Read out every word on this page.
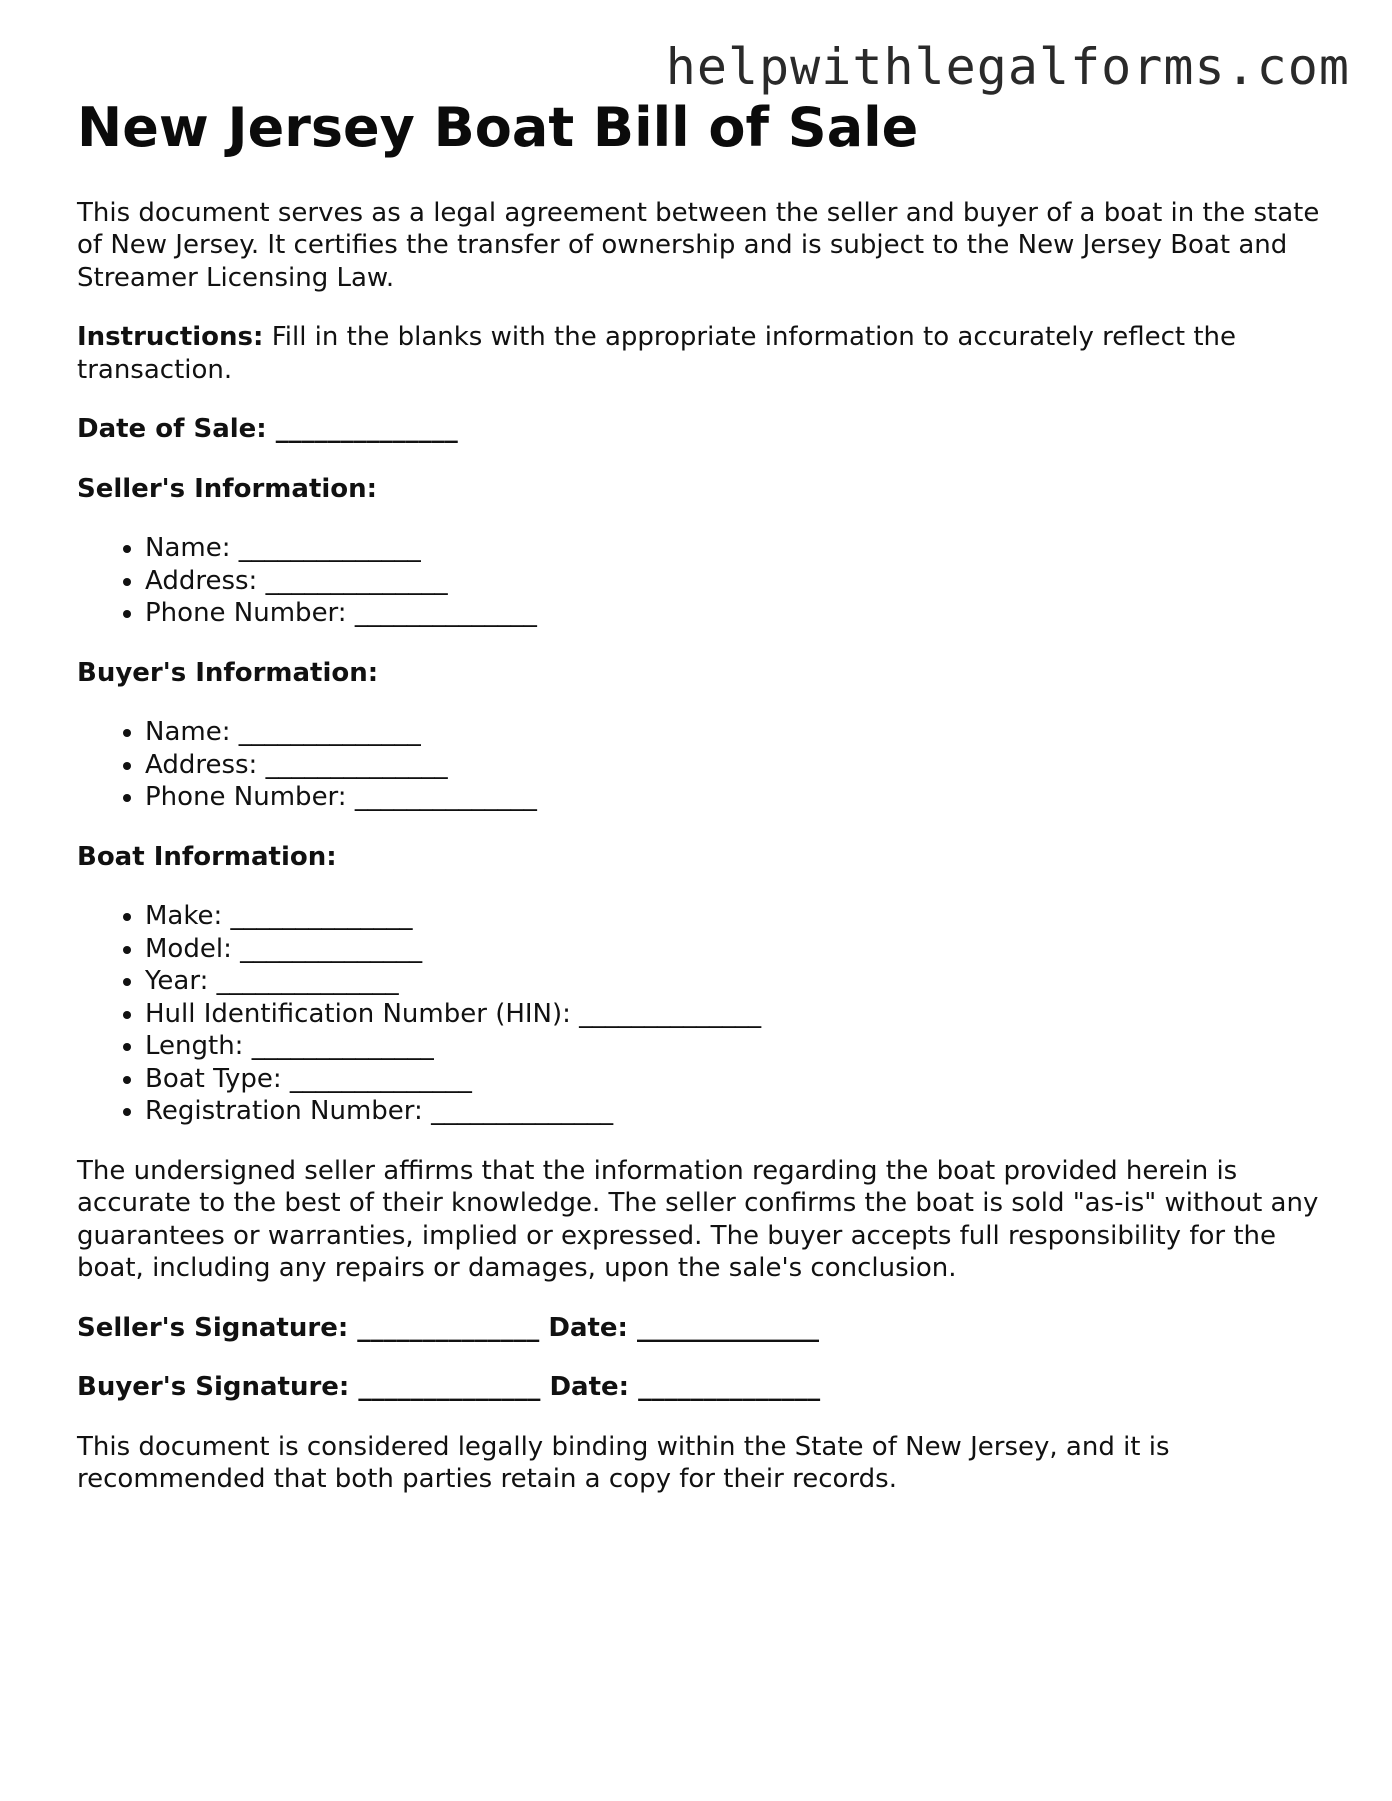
helpwithlegalforms.com
New Jersey Boat Bill of Sale

This document serves as a legal agreement between the seller and buyer of a boat in the state of New Jersey. It certifies the transfer of ownership and is subject to the New Jersey Boat and Streamer Licensing Law.

Instructions: Fill in the blanks with the appropriate information to accurately reflect the transaction.

Date of Sale: ______________

Seller's Information:

• Name: ______________
• Address: ______________
• Phone Number: ______________

Buyer's Information:

• Name: ______________
• Address: ______________
• Phone Number: ______________

Boat Information:

• Make: ______________
• Model: ______________
• Year: ______________
• Hull Identification Number (HIN): ______________
• Length: ______________
• Boat Type: ______________
• Registration Number: ______________

The undersigned seller affirms that the information regarding the boat provided herein is accurate to the best of their knowledge. The seller confirms the boat is sold "as-is" without any guarantees or warranties, implied or expressed. The buyer accepts full responsibility for the boat, including any repairs or damages, upon the sale's conclusion.

Seller's Signature: ______________ Date: ______________

Buyer's Signature: ______________ Date: ______________

This document is considered legally binding within the State of New Jersey, and it is recommended that both parties retain a copy for their records.
